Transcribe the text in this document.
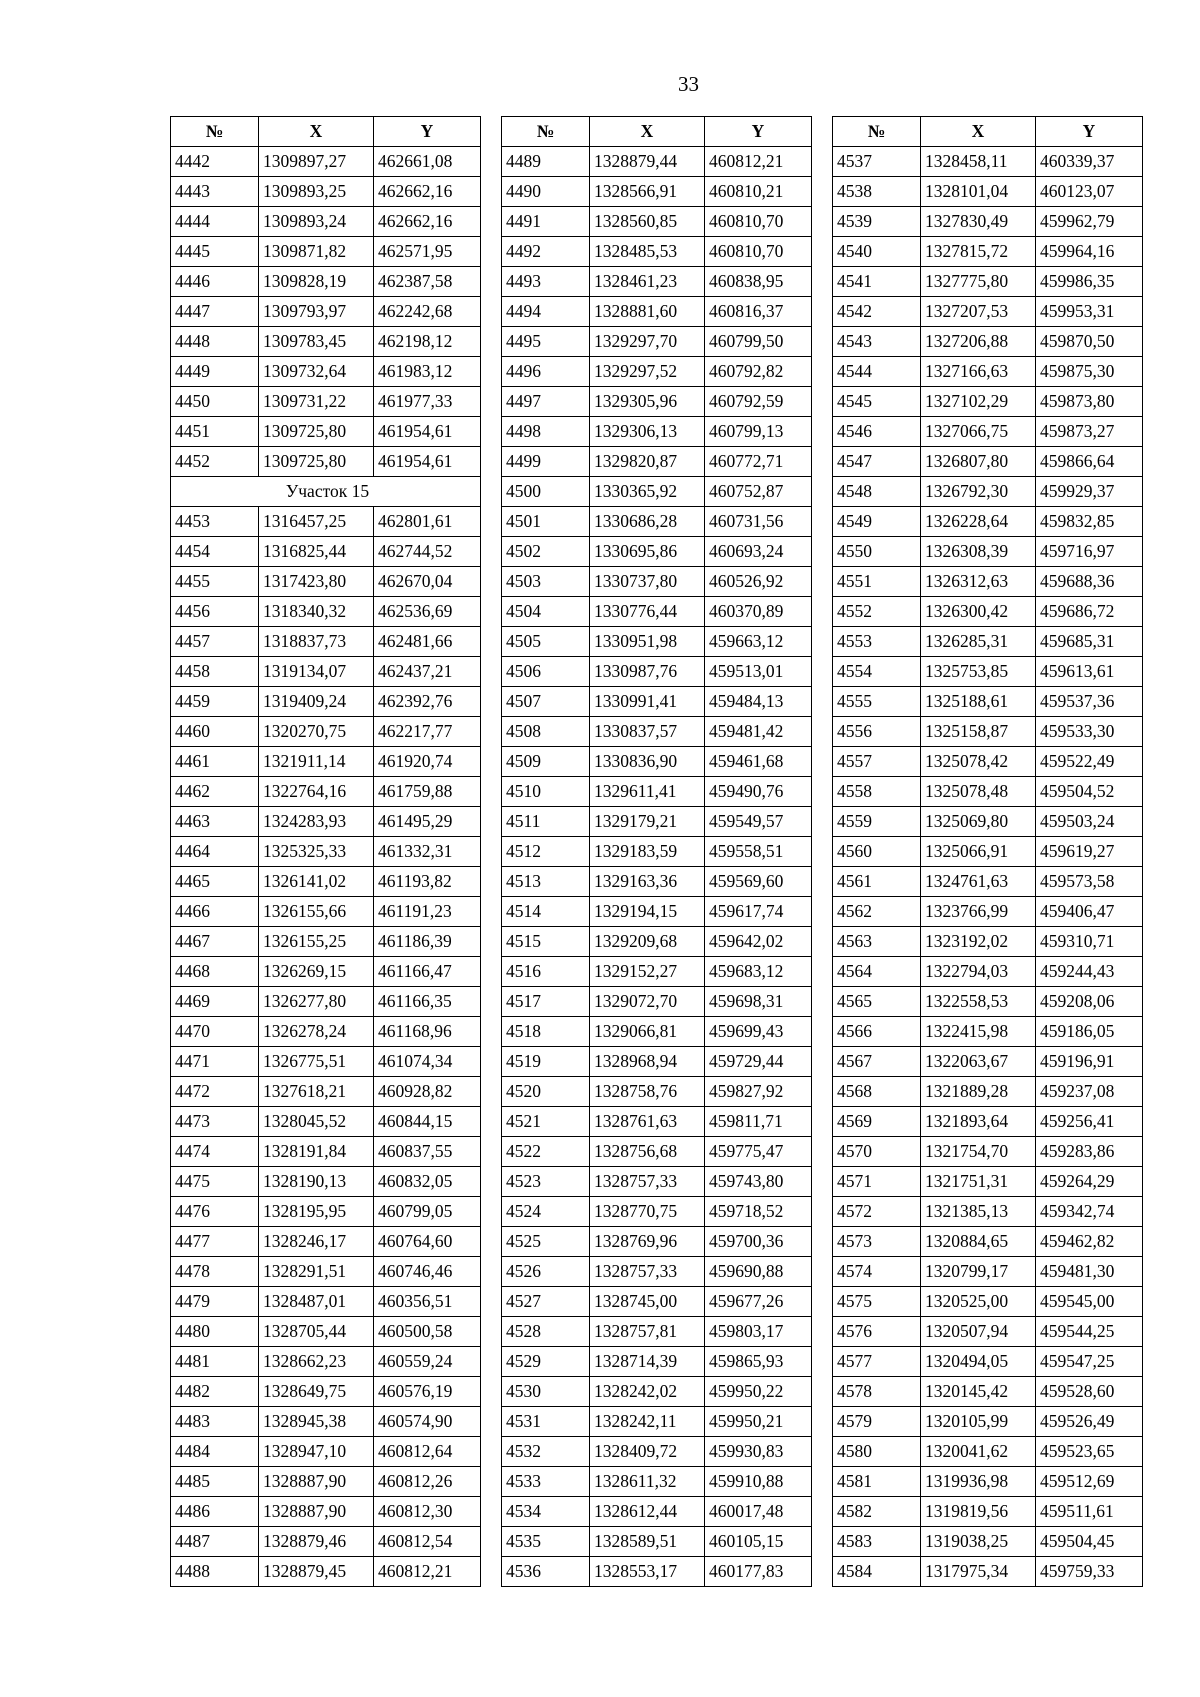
33
№	X	Y
4442	1309897,27	462661,08
4443	1309893,25	462662,16
4444	1309893,24	462662,16
4445	1309871,82	462571,95
4446	1309828,19	462387,58
4447	1309793,97	462242,68
4448	1309783,45	462198,12
4449	1309732,64	461983,12
4450	1309731,22	461977,33
4451	1309725,80	461954,61
4452	1309725,80	461954,61
Участок 15		
4453	1316457,25	462801,61
4454	1316825,44	462744,52
4455	1317423,80	462670,04
4456	1318340,32	462536,69
4457	1318837,73	462481,66
4458	1319134,07	462437,21
4459	1319409,24	462392,76
4460	1320270,75	462217,77
4461	1321911,14	461920,74
4462	1322764,16	461759,88
4463	1324283,93	461495,29
4464	1325325,33	461332,31
4465	1326141,02	461193,82
4466	1326155,66	461191,23
4467	1326155,25	461186,39
4468	1326269,15	461166,47
4469	1326277,80	461166,35
4470	1326278,24	461168,96
4471	1326775,51	461074,34
4472	1327618,21	460928,82
4473	1328045,52	460844,15
4474	1328191,84	460837,55
4475	1328190,13	460832,05
4476	1328195,95	460799,05
4477	1328246,17	460764,60
4478	1328291,51	460746,46
4479	1328487,01	460356,51
4480	1328705,44	460500,58
4481	1328662,23	460559,24
4482	1328649,75	460576,19
4483	1328945,38	460574,90
4484	1328947,10	460812,64
4485	1328887,90	460812,26
4486	1328887,90	460812,30
4487	1328879,46	460812,54
4488	1328879,45	460812,21
№	X	Y
4489	1328879,44	460812,21
4490	1328566,91	460810,21
4491	1328560,85	460810,70
4492	1328485,53	460810,70
4493	1328461,23	460838,95
4494	1328881,60	460816,37
4495	1329297,70	460799,50
4496	1329297,52	460792,82
4497	1329305,96	460792,59
4498	1329306,13	460799,13
4499	1329820,87	460772,71
4500	1330365,92	460752,87
4501	1330686,28	460731,56
4502	1330695,86	460693,24
4503	1330737,80	460526,92
4504	1330776,44	460370,89
4505	1330951,98	459663,12
4506	1330987,76	459513,01
4507	1330991,41	459484,13
4508	1330837,57	459481,42
4509	1330836,90	459461,68
4510	1329611,41	459490,76
4511	1329179,21	459549,57
4512	1329183,59	459558,51
4513	1329163,36	459569,60
4514	1329194,15	459617,74
4515	1329209,68	459642,02
4516	1329152,27	459683,12
4517	1329072,70	459698,31
4518	1329066,81	459699,43
4519	1328968,94	459729,44
4520	1328758,76	459827,92
4521	1328761,63	459811,71
4522	1328756,68	459775,47
4523	1328757,33	459743,80
4524	1328770,75	459718,52
4525	1328769,96	459700,36
4526	1328757,33	459690,88
4527	1328745,00	459677,26
4528	1328757,81	459803,17
4529	1328714,39	459865,93
4530	1328242,02	459950,22
4531	1328242,11	459950,21
4532	1328409,72	459930,83
4533	1328611,32	459910,88
4534	1328612,44	460017,48
4535	1328589,51	460105,15
4536	1328553,17	460177,83
№	X	Y
4537	1328458,11	460339,37
4538	1328101,04	460123,07
4539	1327830,49	459962,79
4540	1327815,72	459964,16
4541	1327775,80	459986,35
4542	1327207,53	459953,31
4543	1327206,88	459870,50
4544	1327166,63	459875,30
4545	1327102,29	459873,80
4546	1327066,75	459873,27
4547	1326807,80	459866,64
4548	1326792,30	459929,37
4549	1326228,64	459832,85
4550	1326308,39	459716,97
4551	1326312,63	459688,36
4552	1326300,42	459686,72
4553	1326285,31	459685,31
4554	1325753,85	459613,61
4555	1325188,61	459537,36
4556	1325158,87	459533,30
4557	1325078,42	459522,49
4558	1325078,48	459504,52
4559	1325069,80	459503,24
4560	1325066,91	459619,27
4561	1324761,63	459573,58
4562	1323766,99	459406,47
4563	1323192,02	459310,71
4564	1322794,03	459244,43
4565	1322558,53	459208,06
4566	1322415,98	459186,05
4567	1322063,67	459196,91
4568	1321889,28	459237,08
4569	1321893,64	459256,41
4570	1321754,70	459283,86
4571	1321751,31	459264,29
4572	1321385,13	459342,74
4573	1320884,65	459462,82
4574	1320799,17	459481,30
4575	1320525,00	459545,00
4576	1320507,94	459544,25
4577	1320494,05	459547,25
4578	1320145,42	459528,60
4579	1320105,99	459526,49
4580	1320041,62	459523,65
4581	1319936,98	459512,69
4582	1319819,56	459511,61
4583	1319038,25	459504,45
4584	1317975,34	459759,33
